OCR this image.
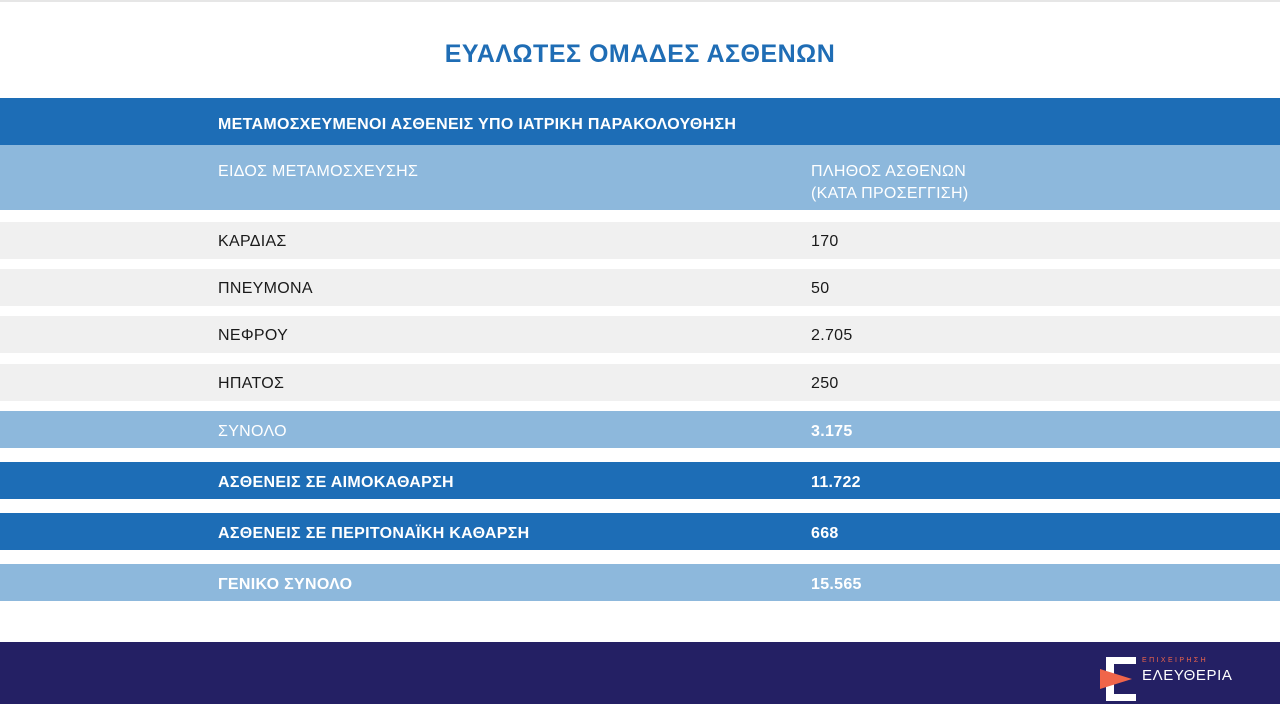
ΕΥΑΛΩΤΕΣ ΟΜΑΔΕΣ ΑΣΘΕΝΩΝ
ΜΕΤΑΜΟΣΧΕΥΜΕΝΟΙ ΑΣΘΕΝΕΙΣ ΥΠΟ ΙΑΤΡΙΚΗ ΠΑΡΑΚΟΛΟΥΘΗΣΗ
ΕΙΔΟΣ ΜΕΤΑΜΟΣΧΕΥΣΗΣ	ΠΛΗΘΟΣ ΑΣΘΕΝΩΝ
(ΚΑΤΑ ΠΡΟΣΕΓΓΙΣΗ)
ΚΑΡΔΙΑΣ	170
ΠΝΕΥΜΟΝΑ	50
ΝΕΦΡΟΥ	2.705
ΗΠΑΤΟΣ	250
ΣΥΝΟΛΟ	3.175
ΑΣΘΕΝΕΙΣ ΣΕ ΑΙΜΟΚΑΘΑΡΣΗ	11.722
ΑΣΘΕΝΕΙΣ ΣΕ ΠΕΡΙΤΟΝΑΪΚΗ ΚΑΘΑΡΣΗ	668
ΓΕΝΙΚΟ ΣΥΝΟΛΟ	15.565
ΕΠΙΧΕΙΡΗΣΗ
ΕΛΕΥΘΕΡΙΑ
